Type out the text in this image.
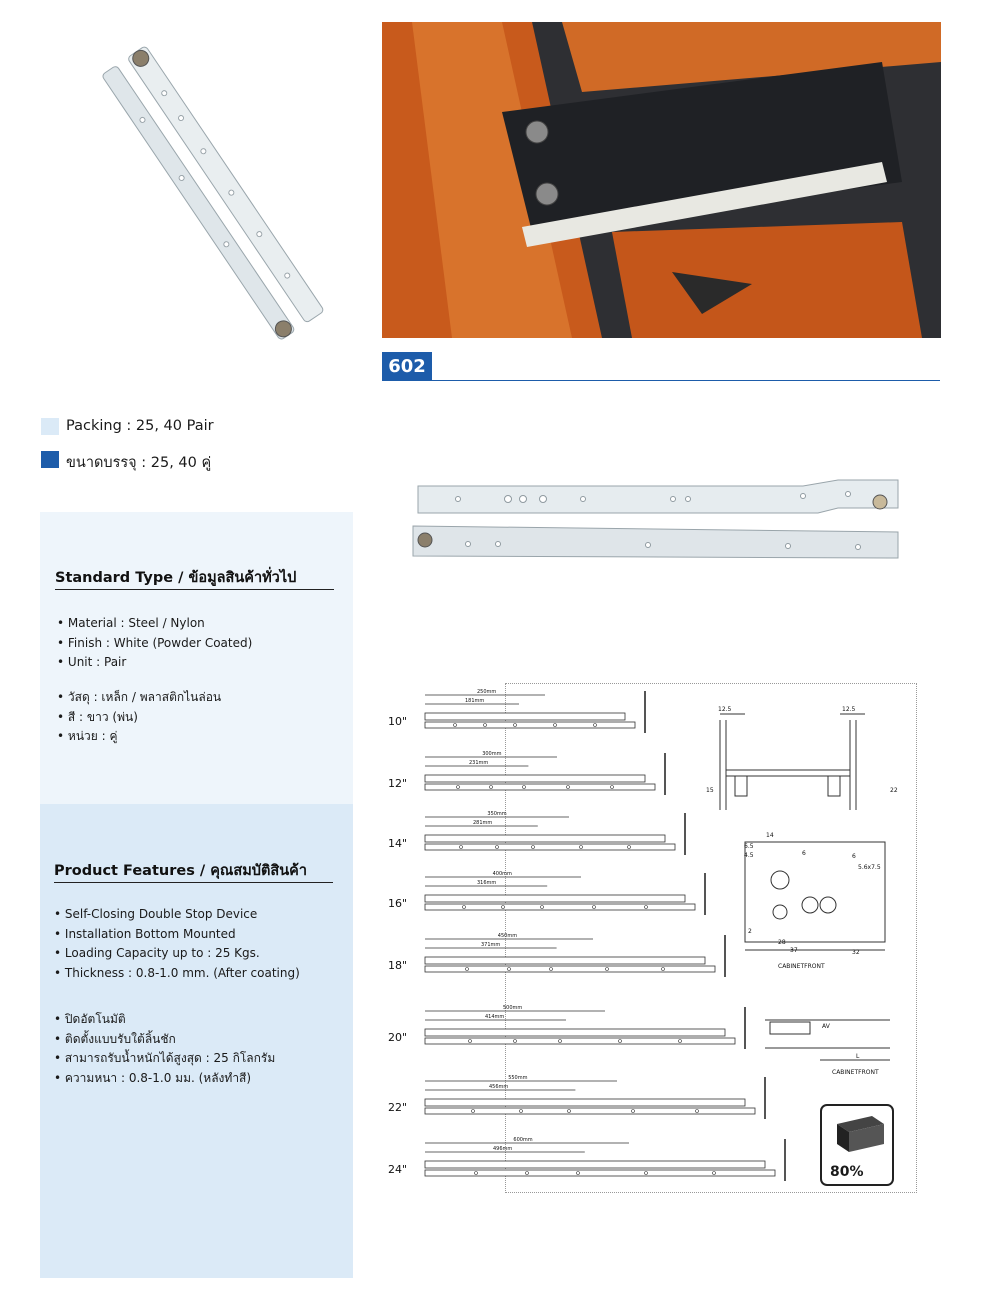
602
Packing : 25, 40 Pair
ขนาดบรรจุ : 25, 40 คู่
Standard Type / ข้อมูลสินค้าทั่วไป
• Material : Steel / Nylon
• Finish : White (Powder Coated)
• Unit : Pair
• วัสดุ : เหล็ก / พลาสติกไนล่อน
• สี : ขาว (พ่น)
• หน่วย : คู่
Product Features / คุณสมบัติสินค้า
• Self-Closing Double Stop Device
• Installation Bottom Mounted
• Loading Capacity up to : 25 Kgs.
• Thickness : 0.8-1.0 mm. (After coating)
• ปิดอัตโนมัติ
• ติดตั้งแบบรับใต้ลิ้นชัก
• สามารถรับน้ำหนักได้สูงสุด : 25 กิโลกรัม
• ความหนา : 0.8-1.0 มม. (หลังทำสี)
10"
250mm
181mm
12"
300mm
231mm
14"
350mm
281mm
16"
400mm
316mm
18"
450mm
371mm
20"
500mm
414mm
22"
550mm
456mm
24"
600mm
496mm
12.5	12.5
15	22
14
6	6
6.5
4.5
5.6x7.5
2
28
37	32
CABINETFRONT
AV
L
CABINETFRONT
80%
